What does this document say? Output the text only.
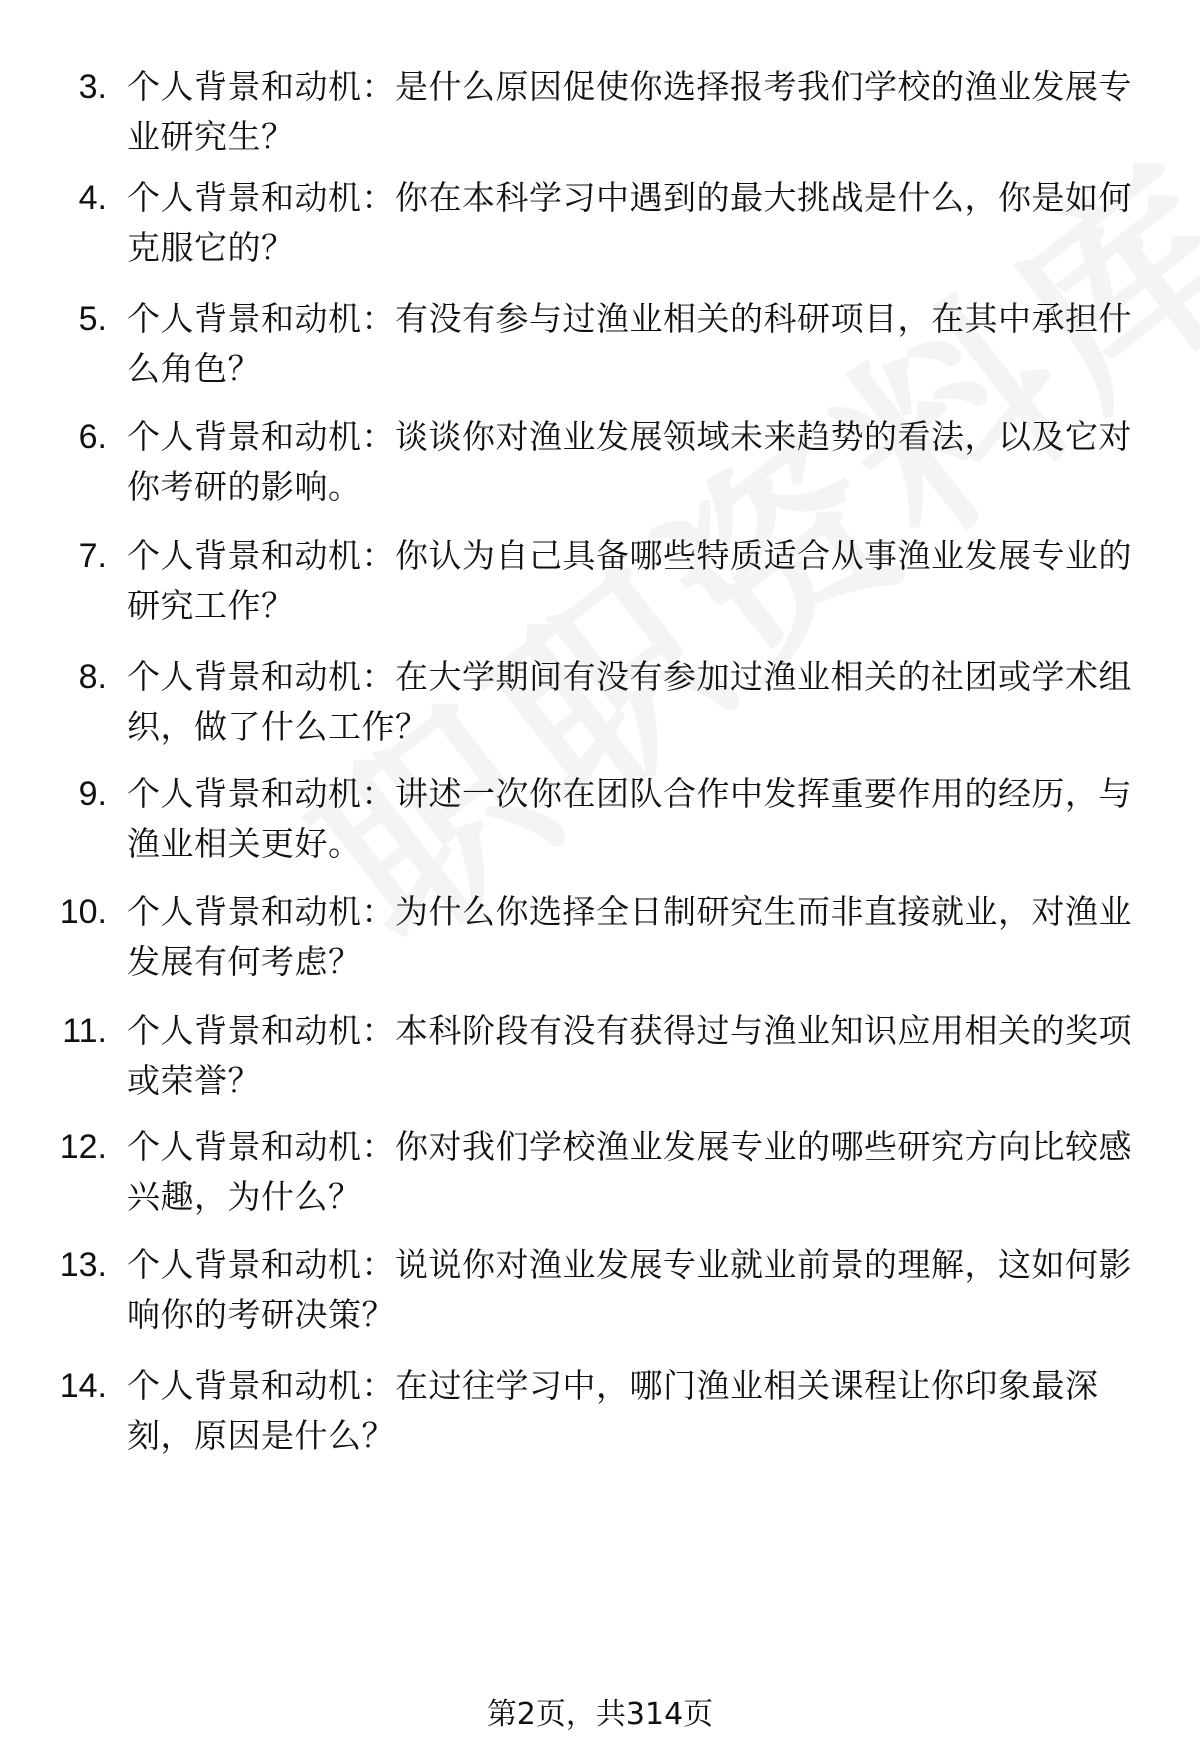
3. 个人背景和动机：是什么原因促使你选择报考我们学校的渔业发展专业研究生？
4. 个人背景和动机：你在本科学习中遇到的最大挑战是什么，你是如何克服它的？
5. 个人背景和动机：有没有参与过渔业相关的科研项目，在其中承担什么角色？
6. 个人背景和动机：谈谈你对渔业发展领域未来趋势的看法，以及它对你考研的影响。
7. 个人背景和动机：你认为自己具备哪些特质适合从事渔业发展专业的研究工作？
8. 个人背景和动机：在大学期间有没有参加过渔业相关的社团或学术组织，做了什么工作？
9. 个人背景和动机：讲述一次你在团队合作中发挥重要作用的经历，与渔业相关更好。
10. 个人背景和动机：为什么你选择全日制研究生而非直接就业，对渔业发展有何考虑？
11. 个人背景和动机：本科阶段有没有获得过与渔业知识应用相关的奖项或荣誉？
12. 个人背景和动机：你对我们学校渔业发展专业的哪些研究方向比较感兴趣，为什么？
13. 个人背景和动机：说说你对渔业发展专业就业前景的理解，这如何影响你的考研决策？
14. 个人背景和动机：在过往学习中，哪门渔业相关课程让你印象最深刻，原因是什么？
第2页，共314页
